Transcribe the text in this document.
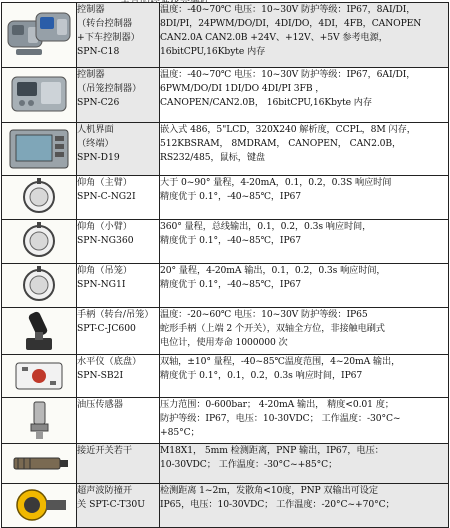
控制器
（转台控制器
+下车控制器）
SPN-C18	温度：-40~70℃ 电压：10~30V 防护等级：IP67，8AI/DI，
8DI/PI，24PWM/DO/DI，4DI/DO，4DI，4FB，CANOPEN
CAN2.0A CAN2.0B +24V、+12V、+5V 参考电源，
16bitCPU,16Kbyte 内存

控制器
（吊笼控制器）
SPN-C26	温度：-40~70℃ 电压：10~30V 防护等级：IP67，6AI/DI，
6PWM/DO/DI 1DI/DO 4DI/PI 3FB ，
CANOPEN/CAN2.0B， 16bitCPU,16Kbyte 内存

人机界面
（终端）
SPN-D19	嵌入式 486，5"LCD，320X240 解析度，CCPL，8M 闪存，
512KBSRAM， 8MDRAM， CANOPEN， CAN2.0B，
RS232/485，鼠标，键盘

仰角（主臂）
SPN-C-NG2I	大于 0~90° 量程，4-20mA，0.1，0.2，0.3S 响应时间
精度优于 0.1°，-40~85℃，IP67

仰角（小臂）
SPN-NG360	360° 量程，总线输出，0.1，0.2，0.3s 响应时间，
精度优于 0.1°，-40~85℃，IP67

仰角（吊笼）
SPN-NG1I	20° 量程，4-20mA 输出，0.1，0.2，0.3s 响应时间，
精度优于 0.1°，-40~85℃，IP67

手柄（转台/吊笼）
SPT-C-JC600	温度：-20~60℃ 电压：10~30V 防护等级：IP65
蛇形手柄（上端 2 个开关），双轴全方位，非接触电刷式
电位计，使用寿命 1000000 次

水平仪（底盘）
SPN-SB2I	双轴，±10° 量程，-40~85℃温度范围，4~20mA 输出，
精度优于 0.1°，0.1，0.2，0.3s 响应时间，IP67

油压传感器	压力范围：0-600bar； 4-20mA 输出， 精度<0.01 度；
防护等级：IP67，电压：10-30VDC； 工作温度：-30°C~
+85°C；

接近开关若干	M18X1， 5mm 检测距离，PNP 输出，IP67，电压：
10-30VDC； 工作温度：-30°C~+85°C；

超声波防撞开
关 SPT-C-T30U	检测距离 1~2m，发散角<10度，PNP 双输出可设定
IP65，电压：10-30VDC； 工作温度：-20°C~+70°C；
